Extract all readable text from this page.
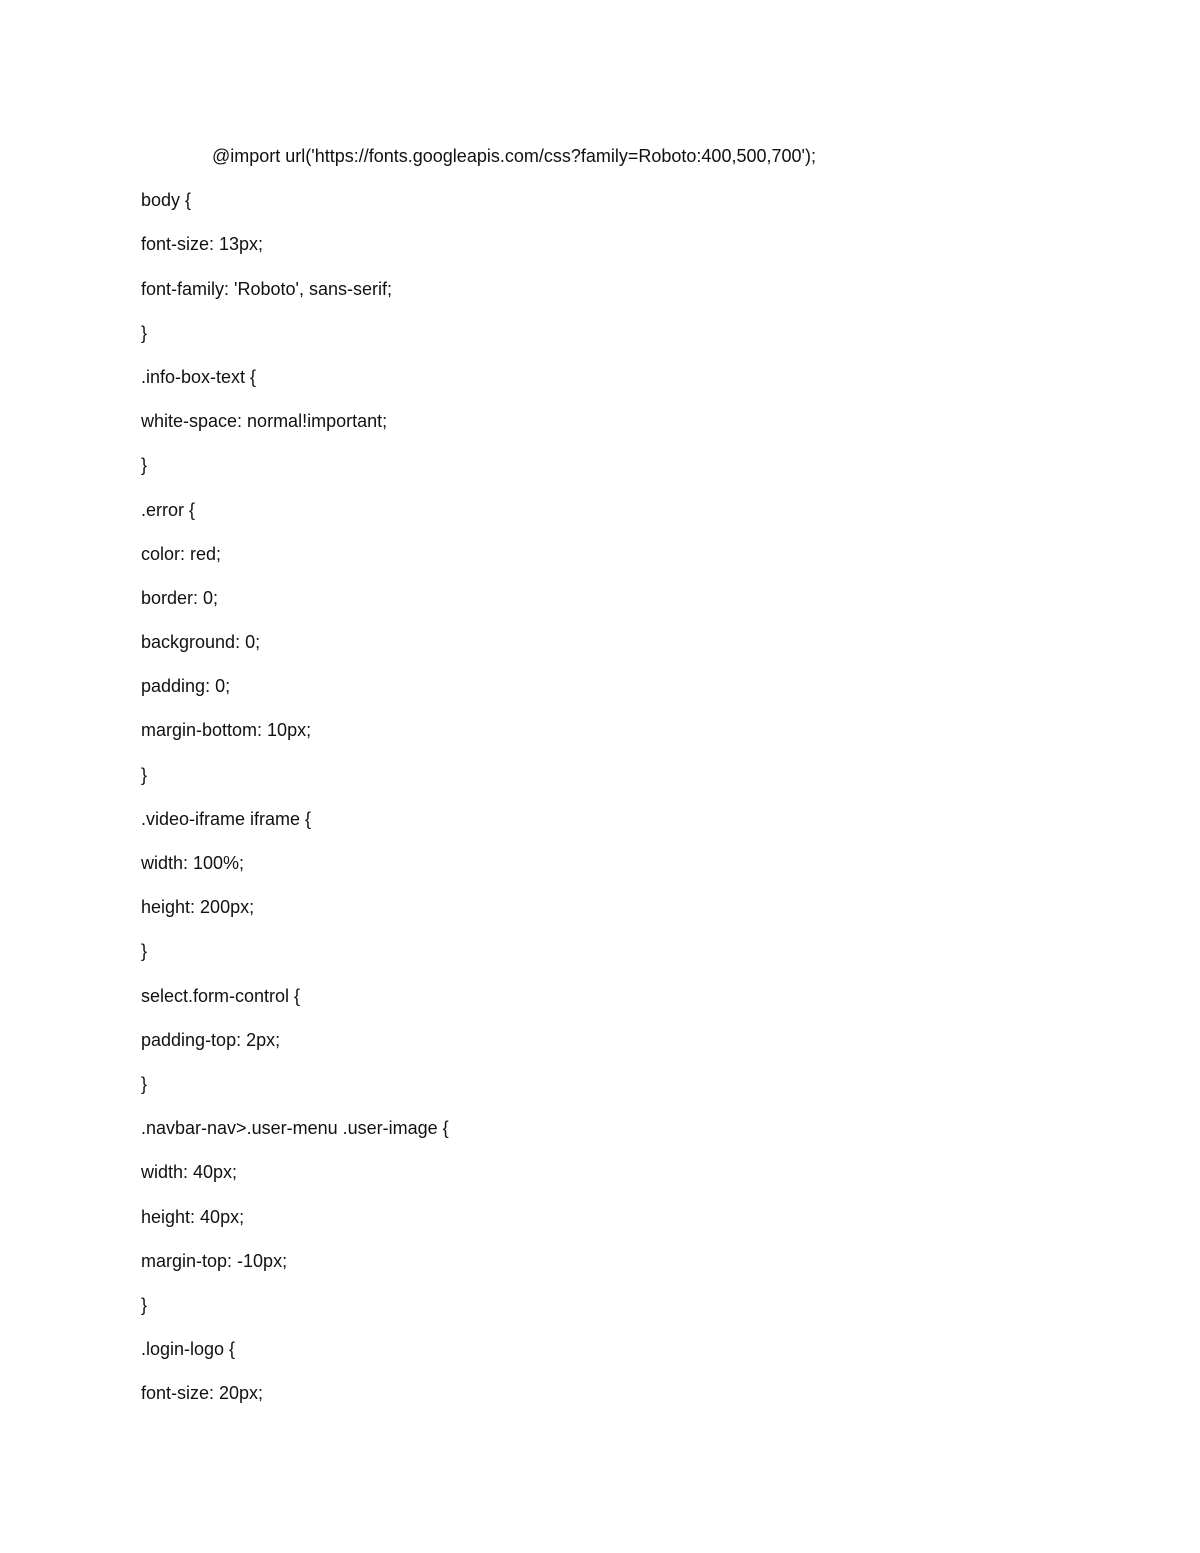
@import url('https://fonts.googleapis.com/css?family=Roboto:400,500,700');
body {
font-size: 13px;
font-family: 'Roboto', sans-serif;
}
.info-box-text {
white-space: normal!important;
}
.error {
color: red;
border: 0;
background: 0;
padding: 0;
margin-bottom: 10px;
}
.video-iframe iframe {
width: 100%;
height: 200px;
}
select.form-control {
padding-top: 2px;
}
.navbar-nav>.user-menu .user-image {
width: 40px;
height: 40px;
margin-top: -10px;
}
.login-logo {
font-size: 20px;
